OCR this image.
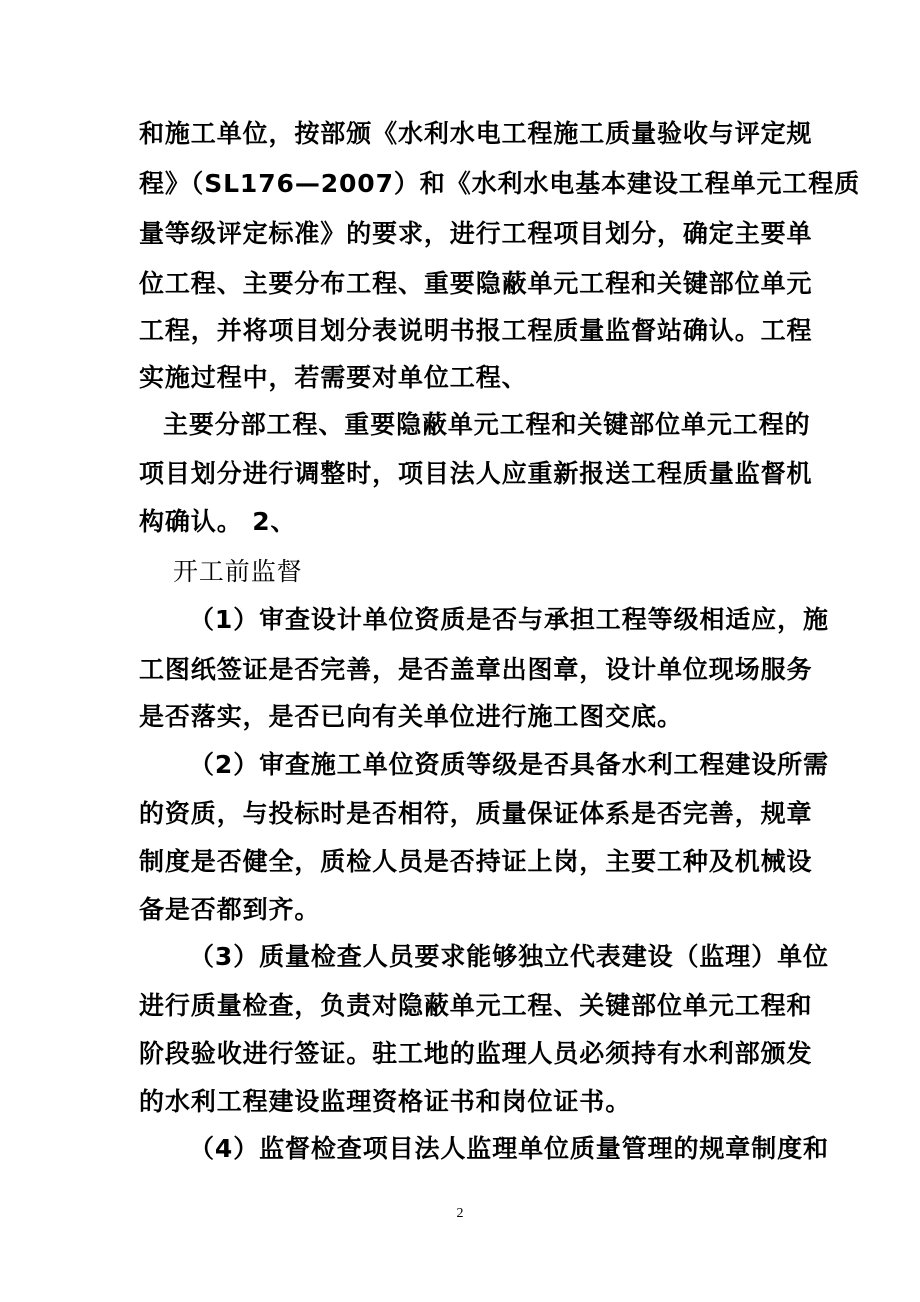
和施工单位，按部颁《水利水电工程施工质量验收与评定规
程》（SL176—2007）和《水利水电基本建设工程单元工程质
量等级评定标准》的要求，进行工程项目划分，确定主要单
位工程、主要分布工程、重要隐蔽单元工程和关键部位单元
工程，并将项目划分表说明书报工程质量监督站确认。工程
实施过程中，若需要对单位工程、
主要分部工程、重要隐蔽单元工程和关键部位单元工程的
项目划分进行调整时，项目法人应重新报送工程质量监督机
构确认。 2、
开工前监督
（1）审查设计单位资质是否与承担工程等级相适应，施
工图纸签证是否完善，是否盖章出图章，设计单位现场服务
是否落实，是否已向有关单位进行施工图交底。
（2）审查施工单位资质等级是否具备水利工程建设所需
的资质，与投标时是否相符，质量保证体系是否完善，规章
制度是否健全，质检人员是否持证上岗，主要工种及机械设
备是否都到齐。
（3）质量检查人员要求能够独立代表建设（监理）单位
进行质量检查，负责对隐蔽单元工程、关键部位单元工程和
阶段验收进行签证。驻工地的监理人员必须持有水利部颁发
的水利工程建设监理资格证书和岗位证书。
（4）监督检查项目法人监理单位质量管理的规章制度和
2
